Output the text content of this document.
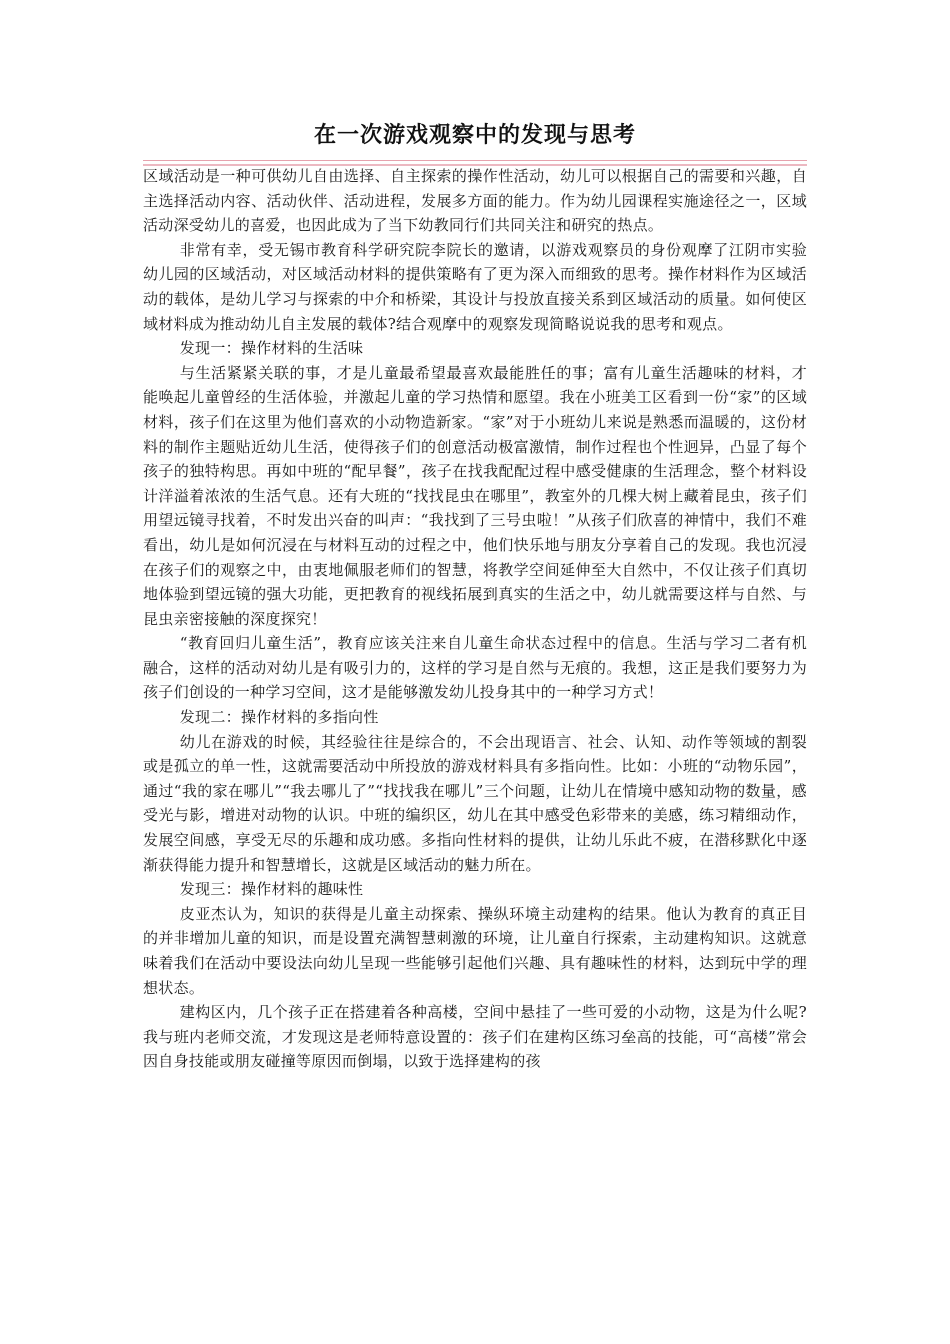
在一次游戏观察中的发现与思考

区域活动是一种可供幼儿自由选择、自主探索的操作性活动，幼儿可以根据自己的需要和兴趣，自主选择活动内容、活动伙伴、活动进程，发展多方面的能力。作为幼儿园课程实施途径之一，区域活动深受幼儿的喜爱，也因此成为了当下幼教同行们共同关注和研究的热点。

非常有幸，受无锡市教育科学研究院李院长的邀请，以游戏观察员的身份观摩了江阴市实验幼儿园的区域活动，对区域活动材料的提供策略有了更为深入而细致的思考。操作材料作为区域活动的载体，是幼儿学习与探索的中介和桥梁，其设计与投放直接关系到区域活动的质量。如何使区域材料成为推动幼儿自主发展的载体?结合观摩中的观察发现简略说说我的思考和观点。

发现一：操作材料的生活味

与生活紧紧关联的事，才是儿童最希望最喜欢最能胜任的事；富有儿童生活趣味的材料，才能唤起儿童曾经的生活体验，并激起儿童的学习热情和愿望。我在小班美工区看到一份“家”的区域材料，孩子们在这里为他们喜欢的小动物造新家。“家”对于小班幼儿来说是熟悉而温暖的，这份材料的制作主题贴近幼儿生活，使得孩子们的创意活动极富激情，制作过程也个性迥异，凸显了每个孩子的独特构思。再如中班的“配早餐”，孩子在找我配配过程中感受健康的生活理念，整个材料设计洋溢着浓浓的生活气息。还有大班的“找找昆虫在哪里”，教室外的几棵大树上藏着昆虫，孩子们用望远镜寻找着，不时发出兴奋的叫声：“我找到了三号虫啦！”从孩子们欣喜的神情中，我们不难看出，幼儿是如何沉浸在与材料互动的过程之中，他们快乐地与朋友分享着自己的发现。我也沉浸在孩子们的观察之中，由衷地佩服老师们的智慧，将教学空间延伸至大自然中，不仅让孩子们真切地体验到望远镜的强大功能，更把教育的视线拓展到真实的生活之中，幼儿就需要这样与自然、与昆虫亲密接触的深度探究！

“教育回归儿童生活”，教育应该关注来自儿童生命状态过程中的信息。生活与学习二者有机融合，这样的活动对幼儿是有吸引力的，这样的学习是自然与无痕的。我想，这正是我们要努力为孩子们创设的一种学习空间，这才是能够激发幼儿投身其中的一种学习方式！

发现二：操作材料的多指向性

幼儿在游戏的时候，其经验往往是综合的，不会出现语言、社会、认知、动作等领域的割裂或是孤立的单一性，这就需要活动中所投放的游戏材料具有多指向性。比如：小班的“动物乐园”，通过“我的家在哪儿”“我去哪儿了”“找找我在哪儿”三个问题，让幼儿在情境中感知动物的数量，感受光与影，增进对动物的认识。中班的编织区，幼儿在其中感受色彩带来的美感，练习精细动作，发展空间感，享受无尽的乐趣和成功感。多指向性材料的提供，让幼儿乐此不疲，在潜移默化中逐渐获得能力提升和智慧增长，这就是区域活动的魅力所在。

发现三：操作材料的趣味性

皮亚杰认为，知识的获得是儿童主动探索、操纵环境主动建构的结果。他认为教育的真正目的并非增加儿童的知识，而是设置充满智慧刺激的环境，让儿童自行探索，主动建构知识。这就意味着我们在活动中要设法向幼儿呈现一些能够引起他们兴趣、具有趣味性的材料，达到玩中学的理想状态。

建构区内，几个孩子正在搭建着各种高楼，空间中悬挂了一些可爱的小动物，这是为什么呢?我与班内老师交流，才发现这是老师特意设置的：孩子们在建构区练习垒高的技能，可“高楼”常会因自身技能或朋友碰撞等原因而倒塌，以致于选择建构的孩
